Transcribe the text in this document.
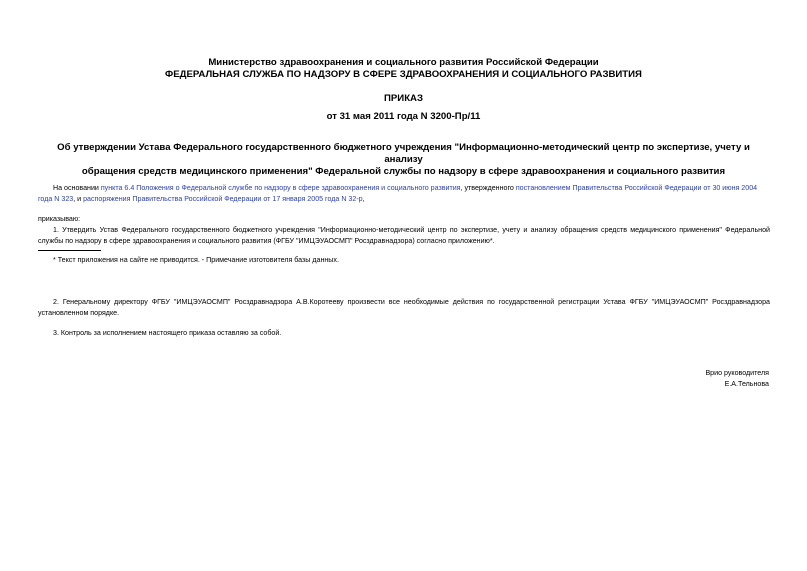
Министерство здравоохранения и социального развития Российской Федерации
ФЕДЕРАЛЬНАЯ СЛУЖБА ПО НАДЗОРУ В СФЕРЕ ЗДРАВООХРАНЕНИЯ И СОЦИАЛЬНОГО РАЗВИТИЯ
ПРИКАЗ
от 31 мая 2011 года N 3200-Пр/11
Об утверждении Устава Федерального государственного бюджетного учреждения "Информационно-методический центр по экспертизе, учету и анализу
обращения средств медицинского применения" Федеральной службы по надзору в сфере здравоохранения и социального развития
На основании пункта 6.4 Положения о Федеральной службе по надзору в сфере здравоохранения и социального развития, утвержденного постановлением Правительства Российской Федерации от 30 июня 2004 года N 323, и распоряжения Правительства Российской Федерации от 17 января 2005 года N 32-р,
приказываю:
1. Утвердить Устав Федерального государственного бюджетного учреждения "Информационно-методический центр по экспертизе, учету и анализу обращения средств медицинского применения" Федеральной службы по надзору в сфере здравоохранения и социального развития (ФГБУ "ИМЦЭУАОСМП" Росздравнадзора) согласно приложению*.
* Текст приложения на сайте не приводится. - Примечание изготовителя базы данных.
2. Генеральному директору ФГБУ "ИМЦЭУАОСМП" Росздравнадзора А.В.Коротееву произвести все необходимые действия по государственной регистрации Устава ФГБУ "ИМЦЭУАОСМП" Росздравнадзора установленном порядке.
3. Контроль за исполнением настоящего приказа оставляю за собой.
Врио руководителя
Е.А.Тельнова
